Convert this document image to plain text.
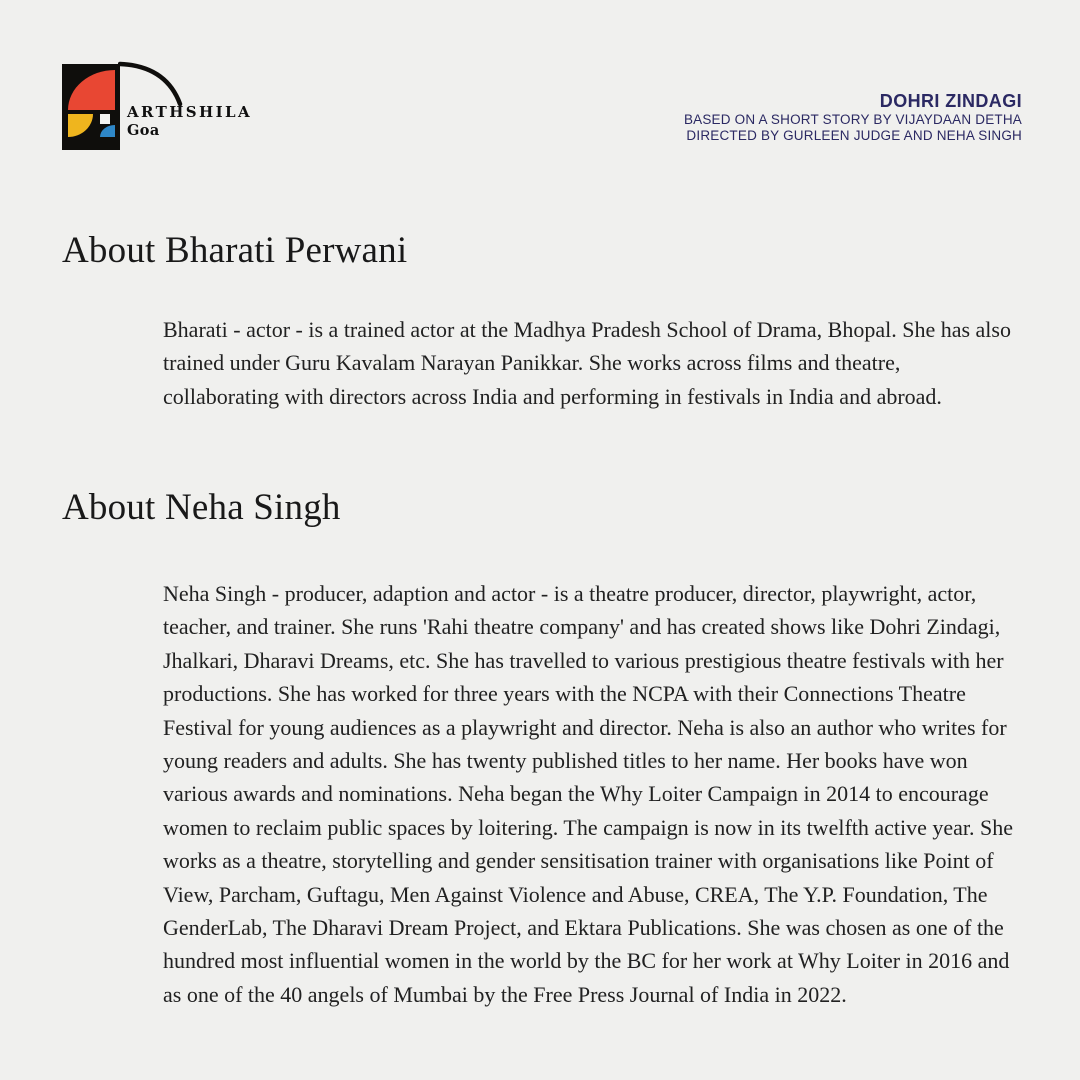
ARTHSHILA
Goa
DOHRI ZINDAGI
BASED ON A SHORT STORY BY VIJAYDAAN DETHA
DIRECTED BY GURLEEN JUDGE AND NEHA SINGH
About Bharati Perwani

Bharati - actor - is a trained actor at the Madhya Pradesh School of Drama, Bhopal. She has also trained under Guru Kavalam Narayan Panikkar. She works across films and theatre, collaborating with directors across India and performing in festivals in India and abroad.

About Neha Singh

Neha Singh - producer, adaption and actor - is a theatre producer, director, playwright, actor, teacher, and trainer. She runs 'Rahi theatre company' and has created shows like Dohri Zindagi, Jhalkari, Dharavi Dreams, etc. She has travelled to various prestigious theatre festivals with her productions. She has worked for three years with the NCPA with their Connections Theatre Festival for young audiences as a playwright and director. Neha is also an author who writes for young readers and adults. She has twenty published titles to her name. Her books have won various awards and nominations. Neha began the Why Loiter Campaign in 2014 to encourage women to reclaim public spaces by loitering. The campaign is now in its twelfth active year. She works as a theatre, storytelling and gender sensitisation trainer with organisations like Point of View, Parcham, Guftagu, Men Against Violence and Abuse, CREA, The Y.P. Foundation, The GenderLab, The Dharavi Dream Project, and Ektara Publications. She was chosen as one of the hundred most influential women in the world by the BC for her work at Why Loiter in 2016 and as one of the 40 angels of Mumbai by the Free Press Journal of India in 2022.
